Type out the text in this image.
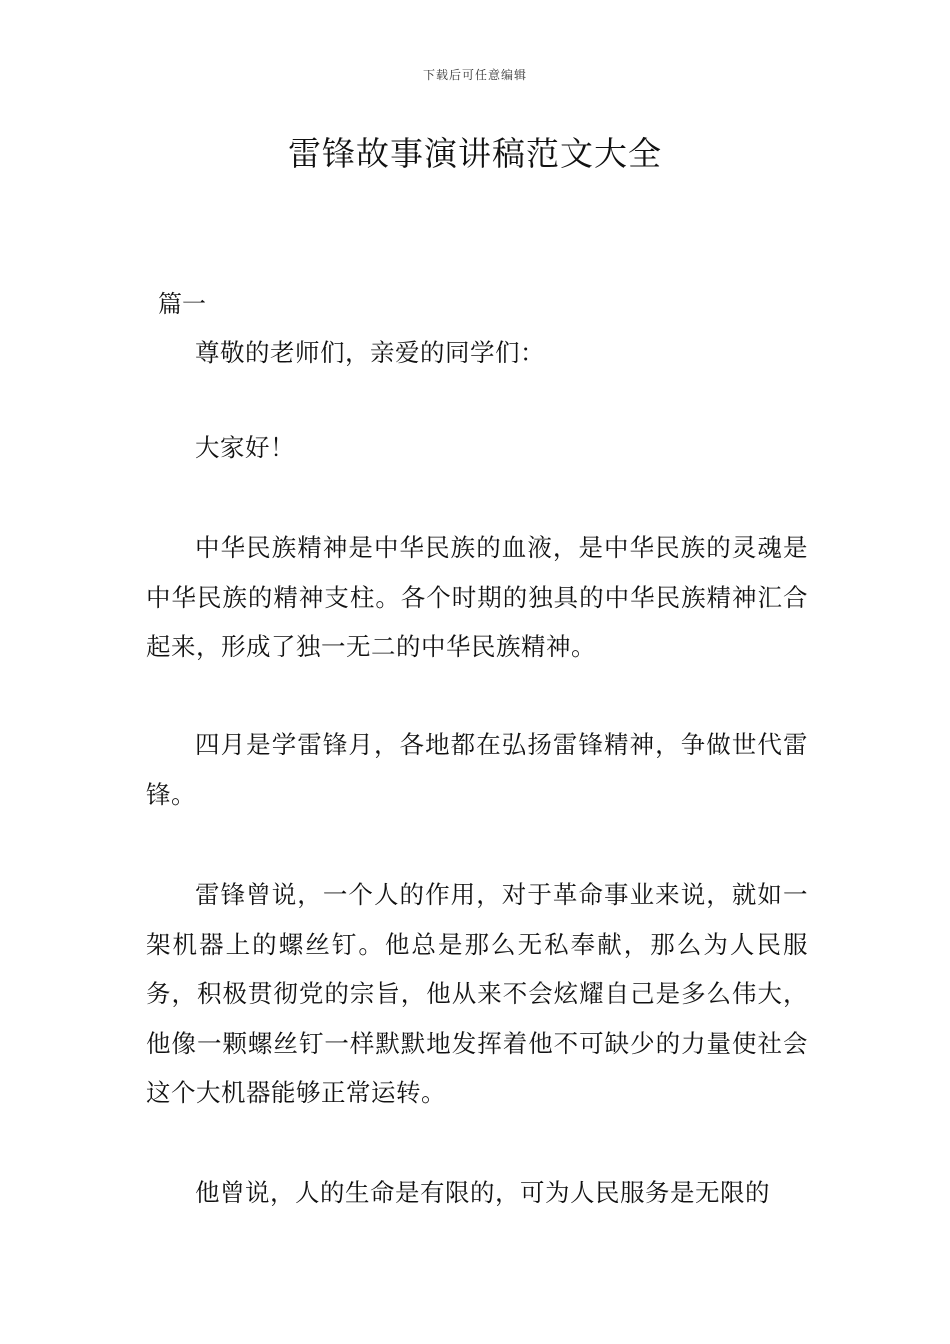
下载后可任意编辑
雷锋故事演讲稿范文大全

篇一

尊敬的老师们，亲爱的同学们：

大家好！

中华民族精神是中华民族的血液，是中华民族的灵魂是中华民族的精神支柱。各个时期的独具的中华民族精神汇合起来，形成了独一无二的中华民族精神。

四月是学雷锋月，各地都在弘扬雷锋精神，争做世代雷锋。

雷锋曾说，一个人的作用，对于革命事业来说，就如一架机器上的螺丝钉。他总是那么无私奉献，那么为人民服务，积极贯彻党的宗旨，他从来不会炫耀自己是多么伟大，他像一颗螺丝钉一样默默地发挥着他不可缺少的力量使社会这个大机器能够正常运转。

他曾说，人的生命是有限的，可为人民服务是无限的
